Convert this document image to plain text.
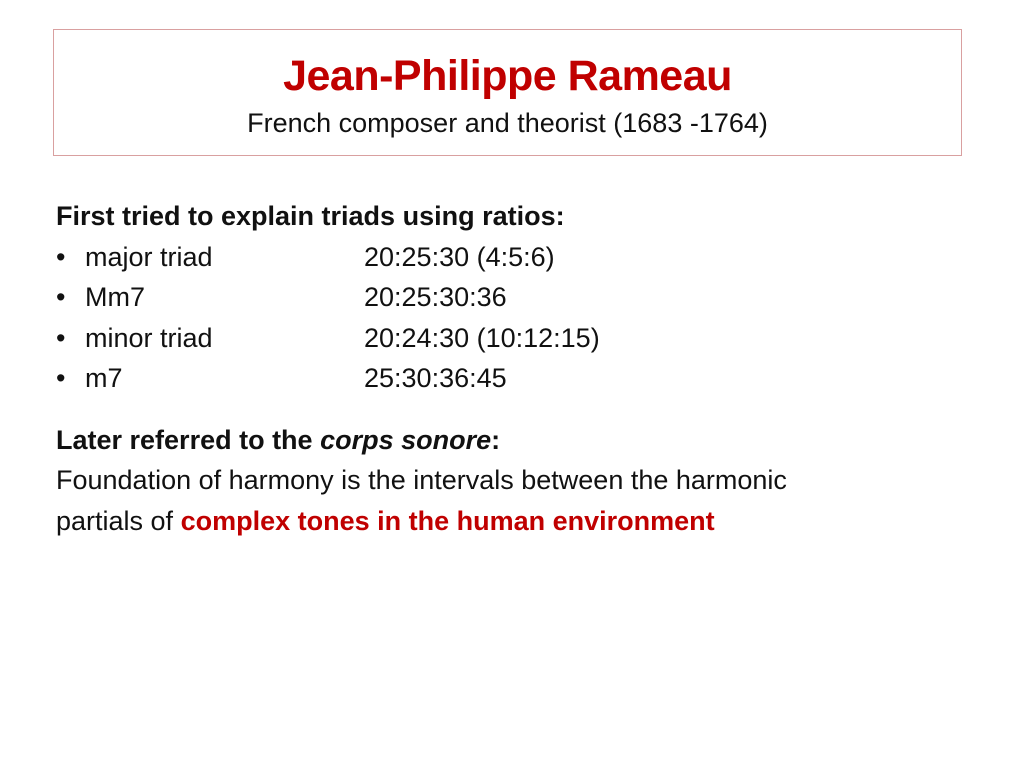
Jean-Philippe Rameau
French composer and theorist (1683 -1764)
First tried to explain triads using ratios:
• major triad	20:25:30 (4:5:6)
• Mm7	20:25:30:36
• minor triad	20:24:30 (10:12:15)
• m7	25:30:36:45
Later referred to the corps sonore:
Foundation of harmony is the intervals between the harmonic
partials of complex tones in the human environment
